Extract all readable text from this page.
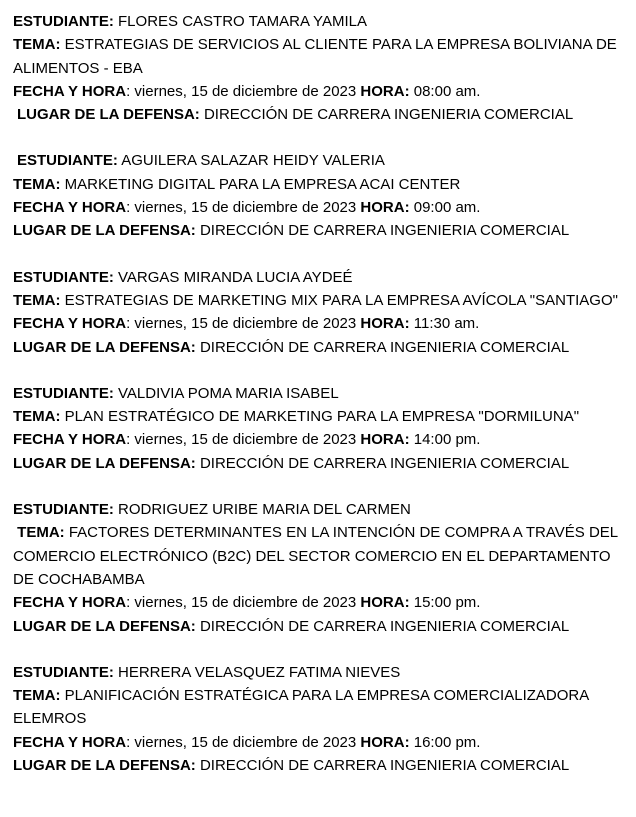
ESTUDIANTE: FLORES CASTRO TAMARA YAMILA
TEMA: ESTRATEGIAS DE SERVICIOS AL CLIENTE PARA LA EMPRESA BOLIVIANA DE ALIMENTOS - EBA
FECHA Y HORA: viernes, 15 de diciembre de 2023 HORA: 08:00 am.
LUGAR DE LA DEFENSA: DIRECCIÓN DE CARRERA INGENIERIA COMERCIAL
ESTUDIANTE: AGUILERA SALAZAR HEIDY VALERIA
TEMA: MARKETING DIGITAL PARA LA EMPRESA ACAI CENTER
FECHA Y HORA: viernes, 15 de diciembre de 2023 HORA: 09:00 am.
LUGAR DE LA DEFENSA: DIRECCIÓN DE CARRERA INGENIERIA COMERCIAL
ESTUDIANTE: VARGAS MIRANDA LUCIA AYDEÉ
TEMA: ESTRATEGIAS DE MARKETING MIX PARA LA EMPRESA AVÍCOLA "SANTIAGO"
FECHA Y HORA: viernes, 15 de diciembre de 2023 HORA: 11:30 am.
LUGAR DE LA DEFENSA: DIRECCIÓN DE CARRERA INGENIERIA COMERCIAL
ESTUDIANTE: VALDIVIA POMA MARIA ISABEL
TEMA: PLAN ESTRATÉGICO DE MARKETING PARA LA EMPRESA "DORMILUNA"
FECHA Y HORA: viernes, 15 de diciembre de 2023 HORA: 14:00 pm.
LUGAR DE LA DEFENSA: DIRECCIÓN DE CARRERA INGENIERIA COMERCIAL
ESTUDIANTE: RODRIGUEZ URIBE MARIA DEL CARMEN
TEMA: FACTORES DETERMINANTES EN LA INTENCIÓN DE COMPRA A TRAVÉS DEL COMERCIO ELECTRÓNICO (B2C) DEL SECTOR COMERCIO EN EL DEPARTAMENTO DE COCHABAMBA
FECHA Y HORA: viernes, 15 de diciembre de 2023 HORA: 15:00 pm.
LUGAR DE LA DEFENSA: DIRECCIÓN DE CARRERA INGENIERIA COMERCIAL
ESTUDIANTE: HERRERA VELASQUEZ FATIMA NIEVES
TEMA: PLANIFICACIÓN ESTRATÉGICA PARA LA EMPRESA COMERCIALIZADORA ELEMROS
FECHA Y HORA: viernes, 15 de diciembre de 2023 HORA: 16:00 pm.
LUGAR DE LA DEFENSA: DIRECCIÓN DE CARRERA INGENIERIA COMERCIAL
